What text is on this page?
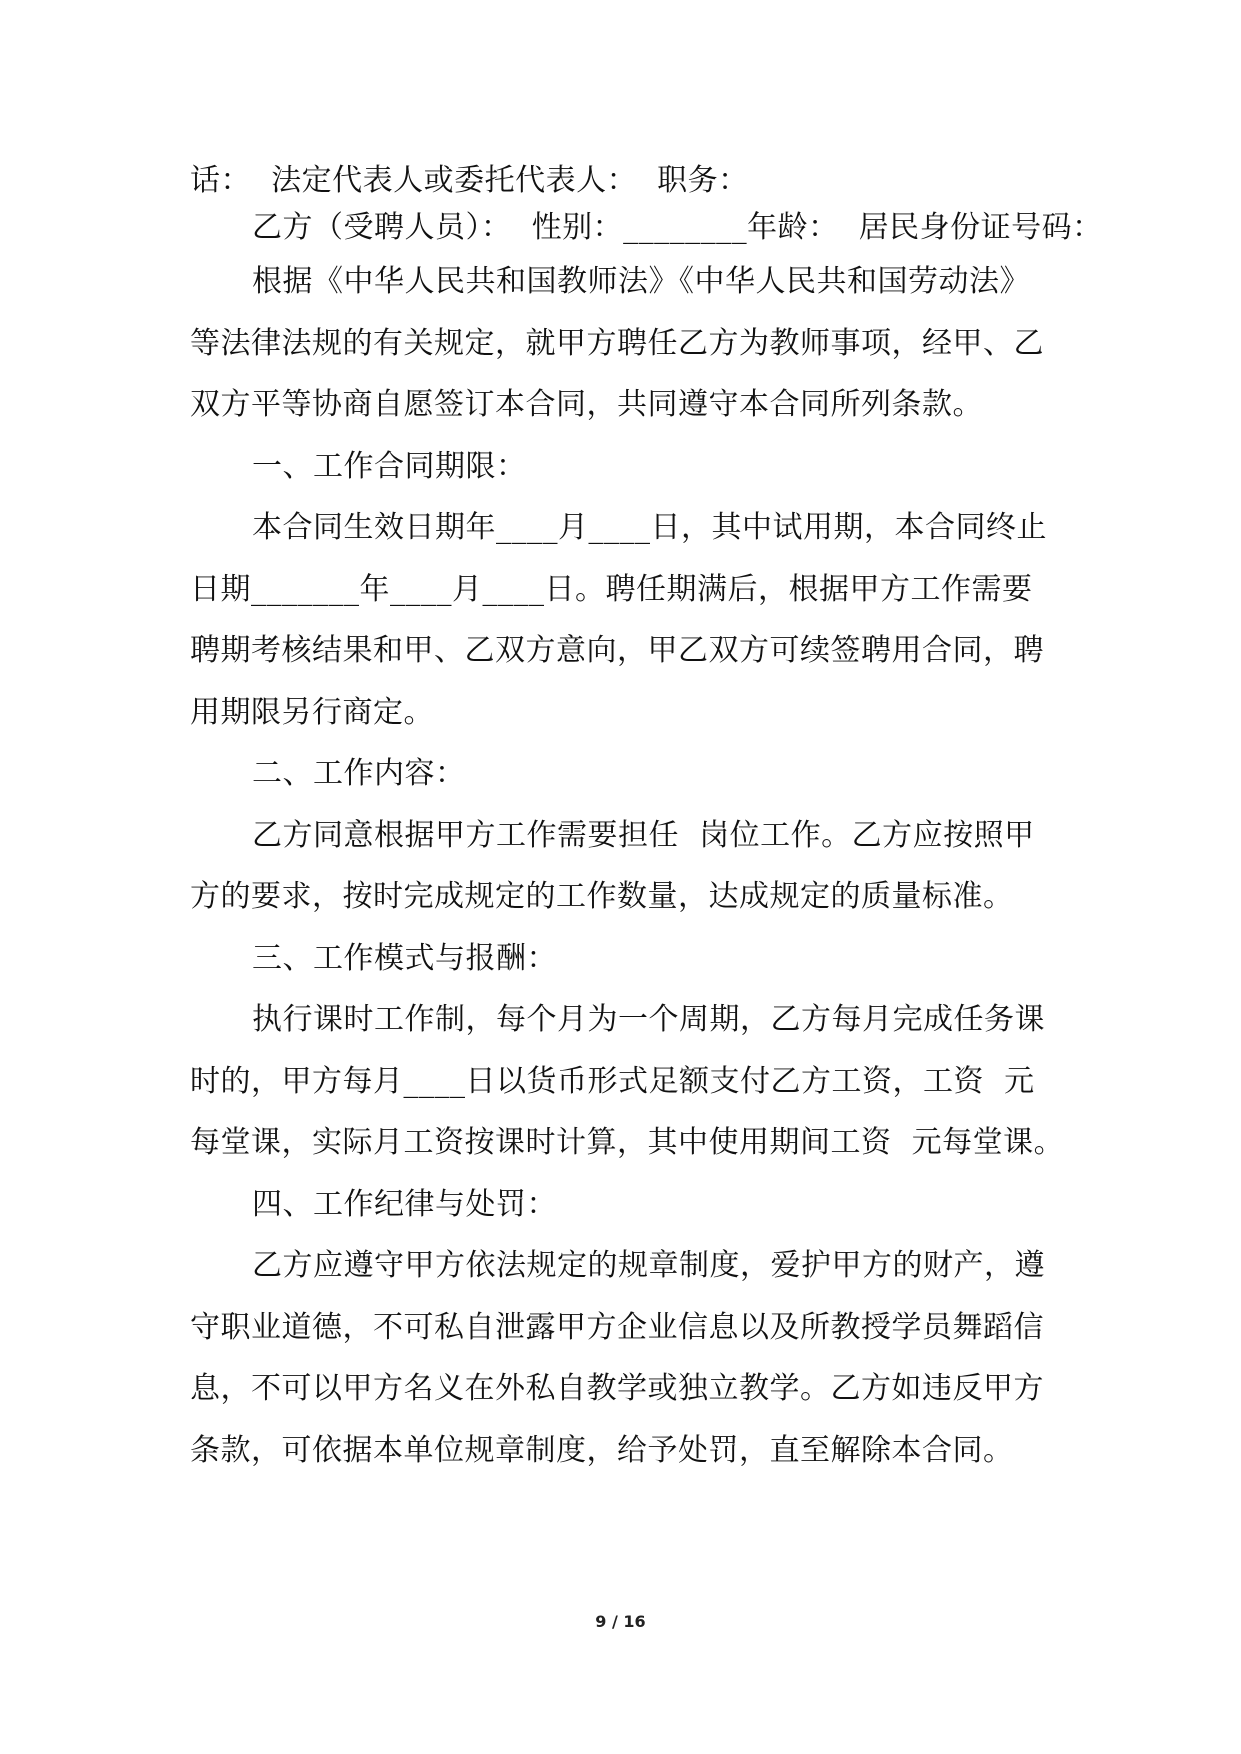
话：  法定代表人或委托代表人：  职务：
乙方（受聘人员）：  性别：________年龄：  居民身份证号码：
根据《中华人民共和国教师法》《中华人民共和国劳动法》
等法律法规的有关规定，就甲方聘任乙方为教师事项，经甲、乙
双方平等协商自愿签订本合同，共同遵守本合同所列条款。
一、工作合同期限：
本合同生效日期年____月____日，其中试用期，本合同终止
日期_______年____月____日。聘任期满后，根据甲方工作需要
聘期考核结果和甲、乙双方意向，甲乙双方可续签聘用合同，聘
用期限另行商定。
二、工作内容：
乙方同意根据甲方工作需要担任  岗位工作。乙方应按照甲
方的要求，按时完成规定的工作数量，达成规定的质量标准。
三、工作模式与报酬：
执行课时工作制，每个月为一个周期，乙方每月完成任务课
时的，甲方每月____日以货币形式足额支付乙方工资，工资  元
每堂课，实际月工资按课时计算，其中使用期间工资  元每堂课。
四、工作纪律与处罚：
乙方应遵守甲方依法规定的规章制度，爱护甲方的财产，遵
守职业道德，不可私自泄露甲方企业信息以及所教授学员舞蹈信
息，不可以甲方名义在外私自教学或独立教学。乙方如违反甲方
条款，可依据本单位规章制度，给予处罚，直至解除本合同。
9 / 16
